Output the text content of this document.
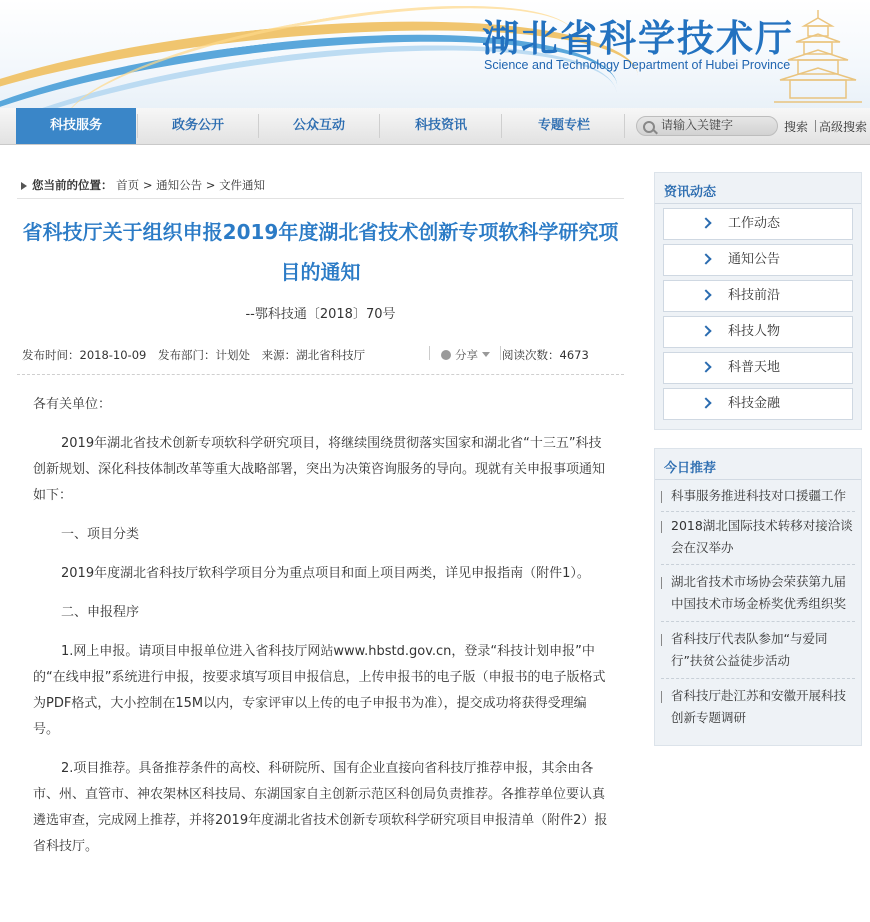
湖北省科学技术厅
Science and Technology Department of Hubei Province
科技服务	政务公开	公众互动	科技资讯	专题专栏
请输入关键字	搜索 高级搜索
您当前的位置： 首页 > 通知公告 > 文件通知
省科技厅关于组织申报2019年度湖北省技术创新专项软科学研究项目的通知
--鄂科技通〔2018〕70号
发布时间：2018-10-09 发布部门：计划处 来源：湖北省科技厅	分享	阅读次数：4673

各有关单位：

2019年湖北省技术创新专项软科学研究项目，将继续围绕贯彻落实国家和湖北省“十三五”科技创新规划、深化科技体制改革等重大战略部署，突出为决策咨询服务的导向。现就有关申报事项通知如下：

一、项目分类

2019年度湖北省科技厅软科学项目分为重点项目和面上项目两类，详见申报指南（附件1）。

二、申报程序

1.网上申报。请项目申报单位进入省科技厅网站www.hbstd.gov.cn，登录“科技计划申报”中的“在线申报”系统进行申报，按要求填写项目申报信息，上传申报书的电子版（申报书的电子版格式为PDF格式，大小控制在15M以内，专家评审以上传的电子申报书为准），提交成功将获得受理编号。

2.项目推荐。具备推荐条件的高校、科研院所、国有企业直接向省科技厅推荐申报，其余由各市、州、直管市、神农架林区科技局、东湖国家自主创新示范区科创局负责推荐。各推荐单位要认真遴选审查，完成网上推荐，并将2019年度湖北省技术创新专项软科学研究项目申报清单（附件2）报省科技厅。

资讯动态
工作动态
通知公告
科技前沿
科技人物
科普天地
科技金融
今日推荐
科事服务推进科技对口援疆工作
2018湖北国际技术转移对接洽谈会在汉举办
湖北省技术市场协会荣获第九届中国技术市场金桥奖优秀组织奖
省科技厅代表队参加“与爱同行”扶贫公益徒步活动
省科技厅赴江苏和安徽开展科技创新专题调研
